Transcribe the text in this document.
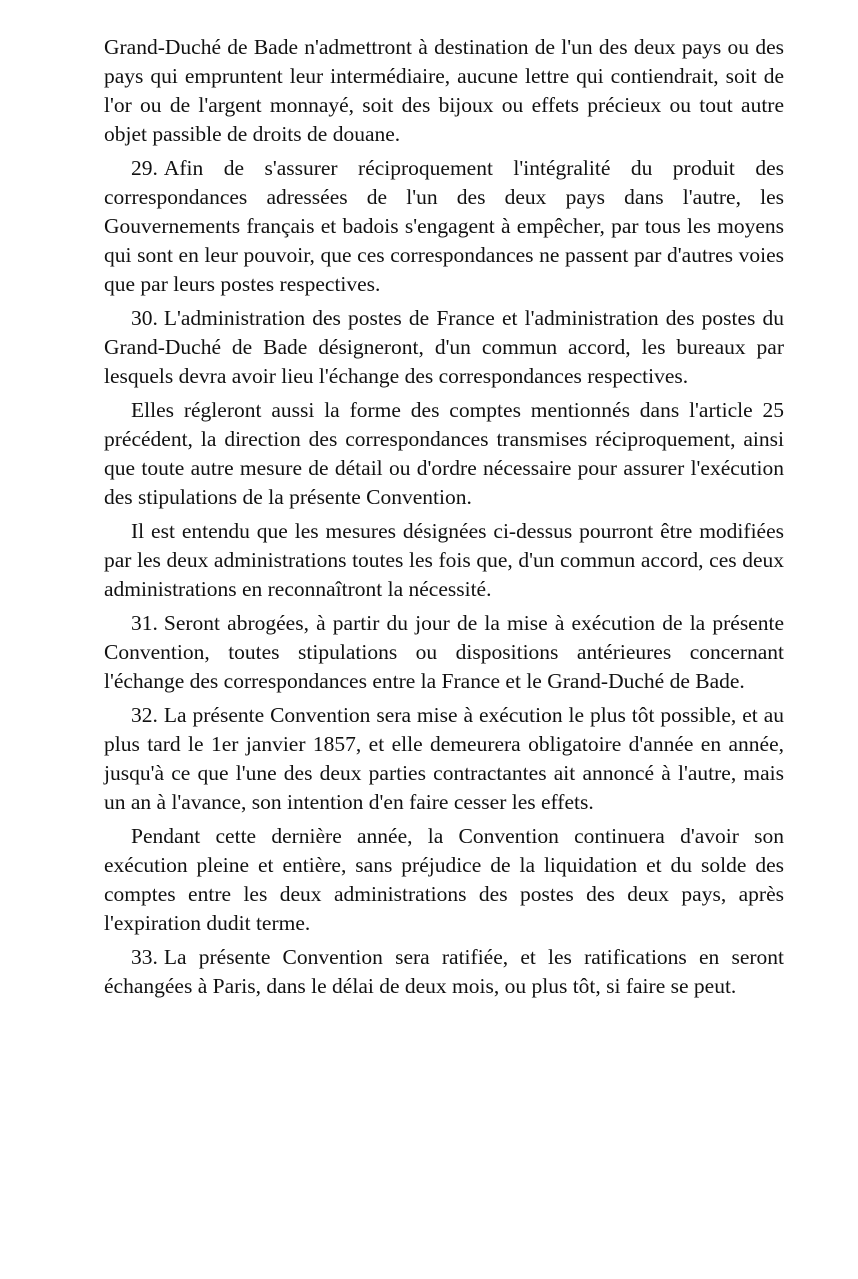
Grand-Duché de Bade n'admettront à destination de l'un des deux pays ou des pays qui empruntent leur intermédiaire, aucune lettre qui contiendrait, soit de l'or ou de l'argent monnayé, soit des bijoux ou effets précieux ou tout autre objet passible de droits de douane.

29. Afin de s'assurer réciproquement l'intégralité du produit des correspondances adressées de l'un des deux pays dans l'autre, les Gouvernements français et badois s'engagent à empêcher, par tous les moyens qui sont en leur pouvoir, que ces correspondances ne passent par d'autres voies que par leurs postes respectives.

30. L'administration des postes de France et l'administration des postes du Grand-Duché de Bade désigneront, d'un commun accord, les bureaux par lesquels devra avoir lieu l'échange des correspondances respectives.

Elles régleront aussi la forme des comptes mentionnés dans l'article 25 précédent, la direction des correspondances transmises réciproquement, ainsi que toute autre mesure de détail ou d'ordre nécessaire pour assurer l'exécution des stipulations de la présente Convention.

Il est entendu que les mesures désignées ci-dessus pourront être modifiées par les deux administrations toutes les fois que, d'un commun accord, ces deux administrations en reconnaîtront la nécessité.

31. Seront abrogées, à partir du jour de la mise à exécution de la présente Convention, toutes stipulations ou dispositions antérieures concernant l'échange des correspondances entre la France et le Grand-Duché de Bade.

32. La présente Convention sera mise à exécution le plus tôt possible, et au plus tard le 1er janvier 1857, et elle demeurera obligatoire d'année en année, jusqu'à ce que l'une des deux parties contractantes ait annoncé à l'autre, mais un an à l'avance, son intention d'en faire cesser les effets.

Pendant cette dernière année, la Convention continuera d'avoir son exécution pleine et entière, sans préjudice de la liquidation et du solde des comptes entre les deux administrations des postes des deux pays, après l'expiration dudit terme.

33. La présente Convention sera ratifiée, et les ratifications en seront échangées à Paris, dans le délai de deux mois, ou plus tôt, si faire se peut.
